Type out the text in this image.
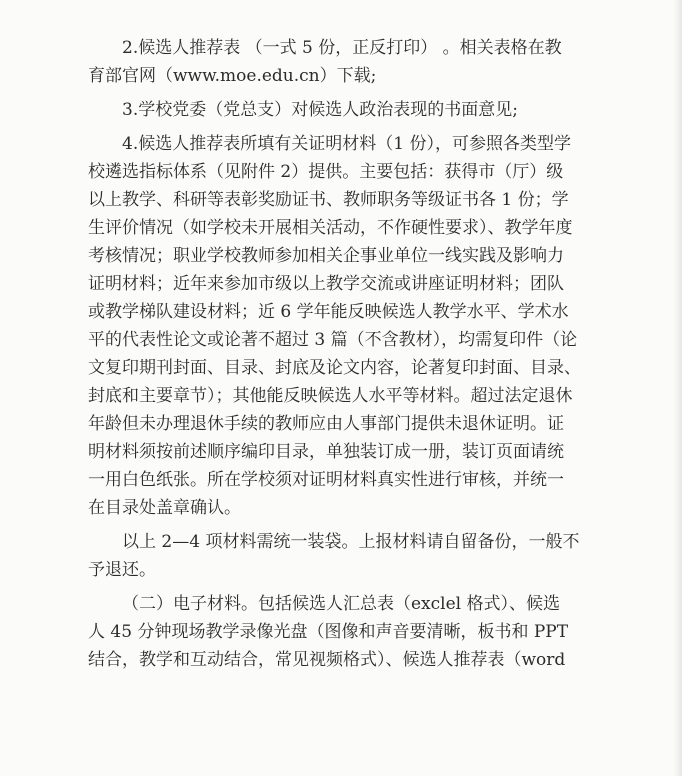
2.候选人推荐表 （一式 5 份，正反打印） 。相关表格在教
育部官网（www.moe.edu.cn）下载;

3.学校党委（党总支）对候选人政治表现的书面意见;

4.候选人推荐表所填有关证明材料（1 份），可参照各类型学
校遴选指标体系（见附件 2）提供。主要包括：获得市（厅）级
以上教学、科研等表彰奖励证书、教师职务等级证书各 1 份；学
生评价情况（如学校未开展相关活动，不作硬性要求）、教学年度
考核情况；职业学校教师参加相关企事业单位一线实践及影响力
证明材料；近年来参加市级以上教学交流或讲座证明材料；团队
或教学梯队建设材料；近 6 学年能反映候选人教学水平、学术水
平的代表性论文或论著不超过 3 篇（不含教材），均需复印件（论
文复印期刊封面、目录、封底及论文内容，论著复印封面、目录、
封底和主要章节）；其他能反映候选人水平等材料。超过法定退休
年龄但未办理退休手续的教师应由人事部门提供未退休证明。证
明材料须按前述顺序编印目录，单独装订成一册，装订页面请统
一用白色纸张。所在学校须对证明材料真实性进行审核，并统一
在目录处盖章确认。

以上 2—4 项材料需统一装袋。上报材料请自留备份，一般不
予退还。

（二）电子材料。包括候选人汇总表（exclel 格式）、候选
人 45 分钟现场教学录像光盘（图像和声音要清晰，板书和 PPT
结合，教学和互动结合，常见视频格式）、候选人推荐表（word
